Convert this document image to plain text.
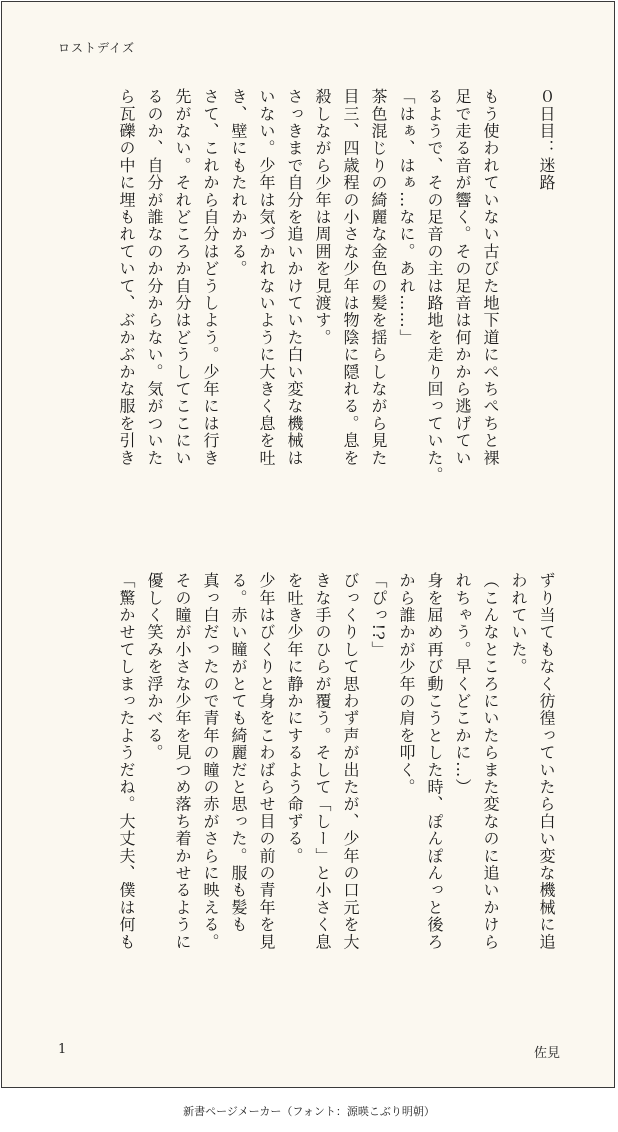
ロストデイズ
０日目：迷路

もう使われていない古びた地下道にぺちぺちと裸
足で走る音が響く。その足音は何かから逃げてい
るようで、その足音の主は路地を走り回っていた。
「はぁ、はぁ…なに。あれ……」
茶色混じりの綺麗な金色の髪を揺らしながら見た
目三、四歳程の小さな少年は物陰に隠れる。息を
殺しながら少年は周囲を見渡す。
さっきまで自分を追いかけていた白い変な機械は
いない。少年は気づかれないように大きく息を吐
き、壁にもたれかかる。
さて、これから自分はどうしよう。少年には行き
先がない。それどころか自分はどうしてここにい
るのか、自分が誰なのか分からない。気がついた
ら瓦礫の中に埋もれていて、ぶかぶかな服を引き
ずり当てもなく彷徨っていたら白い変な機械に追
われていた。
（こんなところにいたらまた変なのに追いかけら
れちゃう。早くどこかに…）
身を屈め再び動こうとした時、ぽんぽんっと後ろ
から誰かが少年の肩を叩く。
「ぴっ!?」
びっくりして思わず声が出たが、少年の口元を大
きな手のひらが覆う。そして「しー」と小さく息
を吐き少年に静かにするよう命ずる。
少年はびくりと身をこわばらせ目の前の青年を見
る。赤い瞳がとても綺麗だと思った。服も髪も
真っ白だったので青年の瞳の赤がさらに映える。
その瞳が小さな少年を見つめ落ち着かせるように
優しく笑みを浮かべる。
「驚かせてしまったようだね。大丈夫、僕は何も
1	佐見
新書ページメーカー（フォント：源暎こぶり明朝）
